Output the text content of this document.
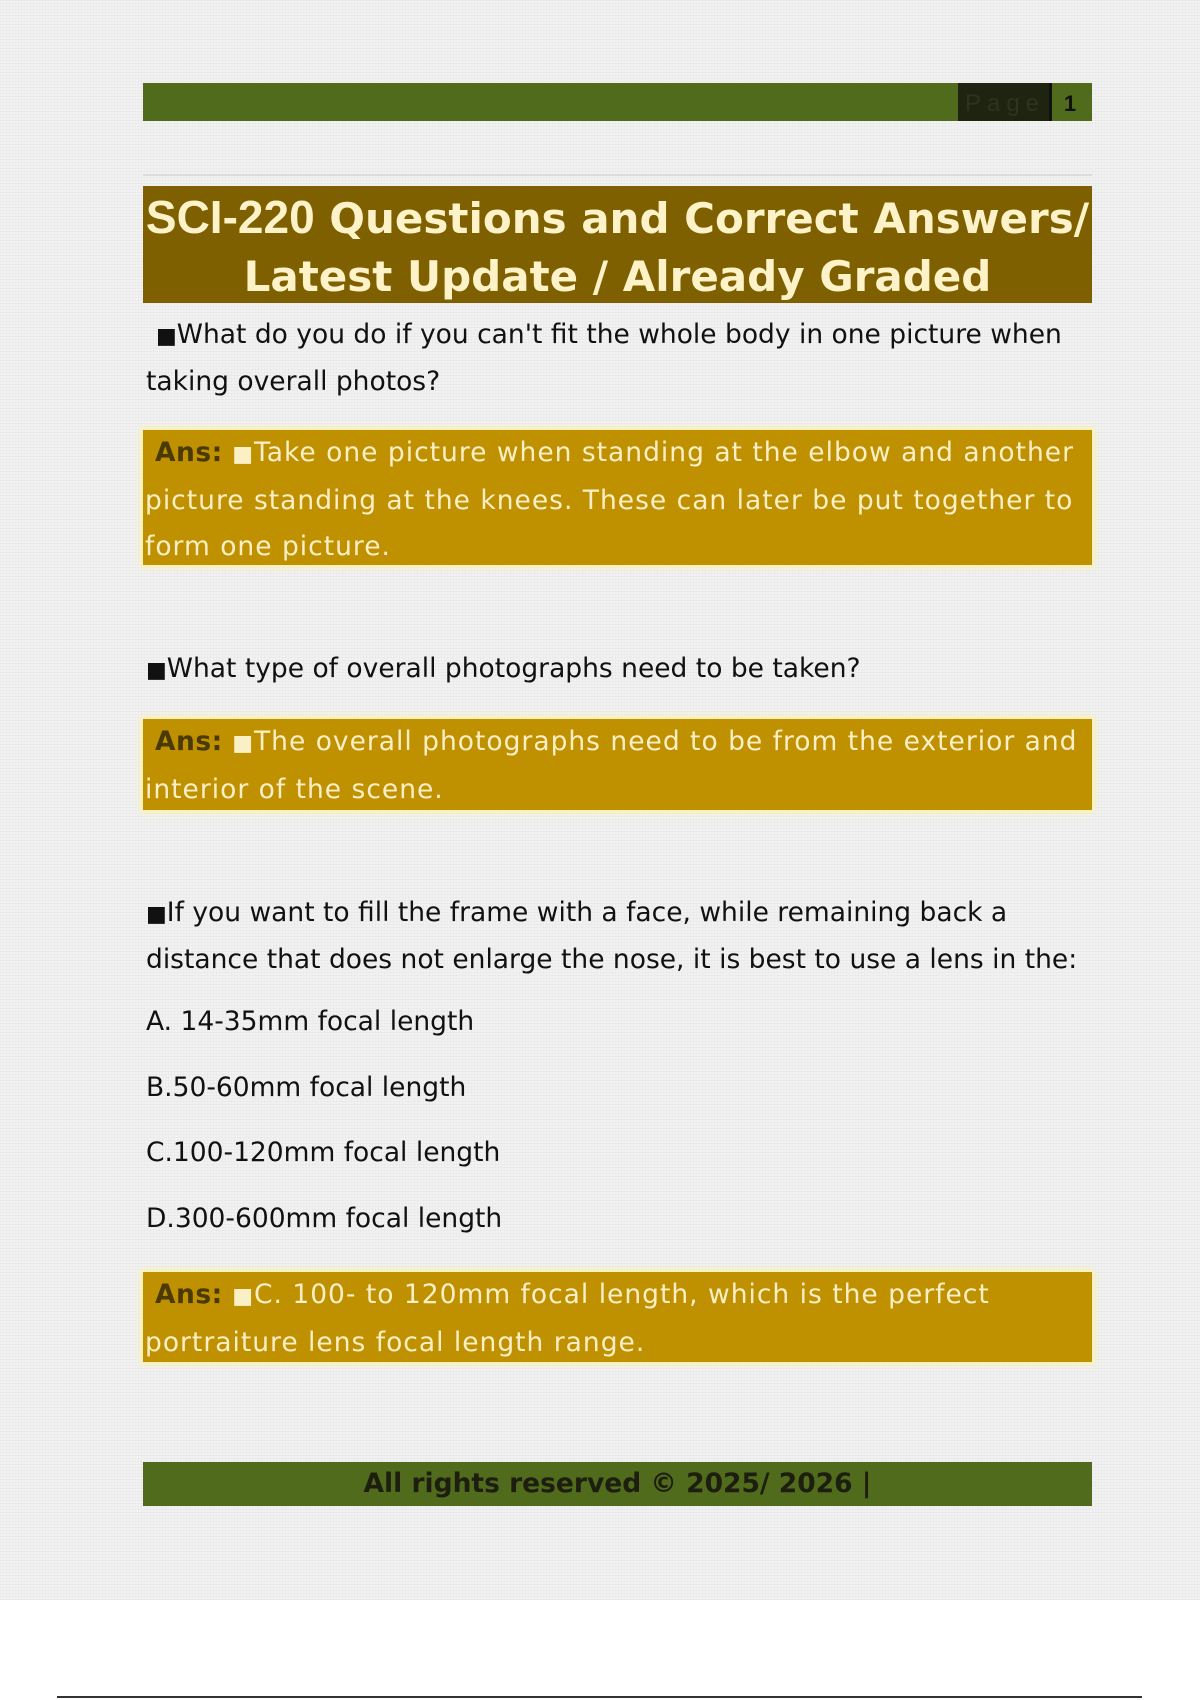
Page 1
SCI-220 Questions and Correct Answers/
Latest Update / Already Graded

■What do you do if you can't fit the whole body in one picture when taking overall photos?

Ans: ■Take one picture when standing at the elbow and another picture standing at the knees. These can later be put together to form one picture.

■What type of overall photographs need to be taken?

Ans: ■The overall photographs need to be from the exterior and interior of the scene.

■If you want to fill the frame with a face, while remaining back a distance that does not enlarge the nose, it is best to use a lens in the:

A. 14-35mm focal length

B.50-60mm focal length

C.100-120mm focal length

D.300-600mm focal length

Ans: ■C. 100- to 120mm focal length, which is the perfect portraiture lens focal length range.
All rights reserved © 2025/ 2026 |
